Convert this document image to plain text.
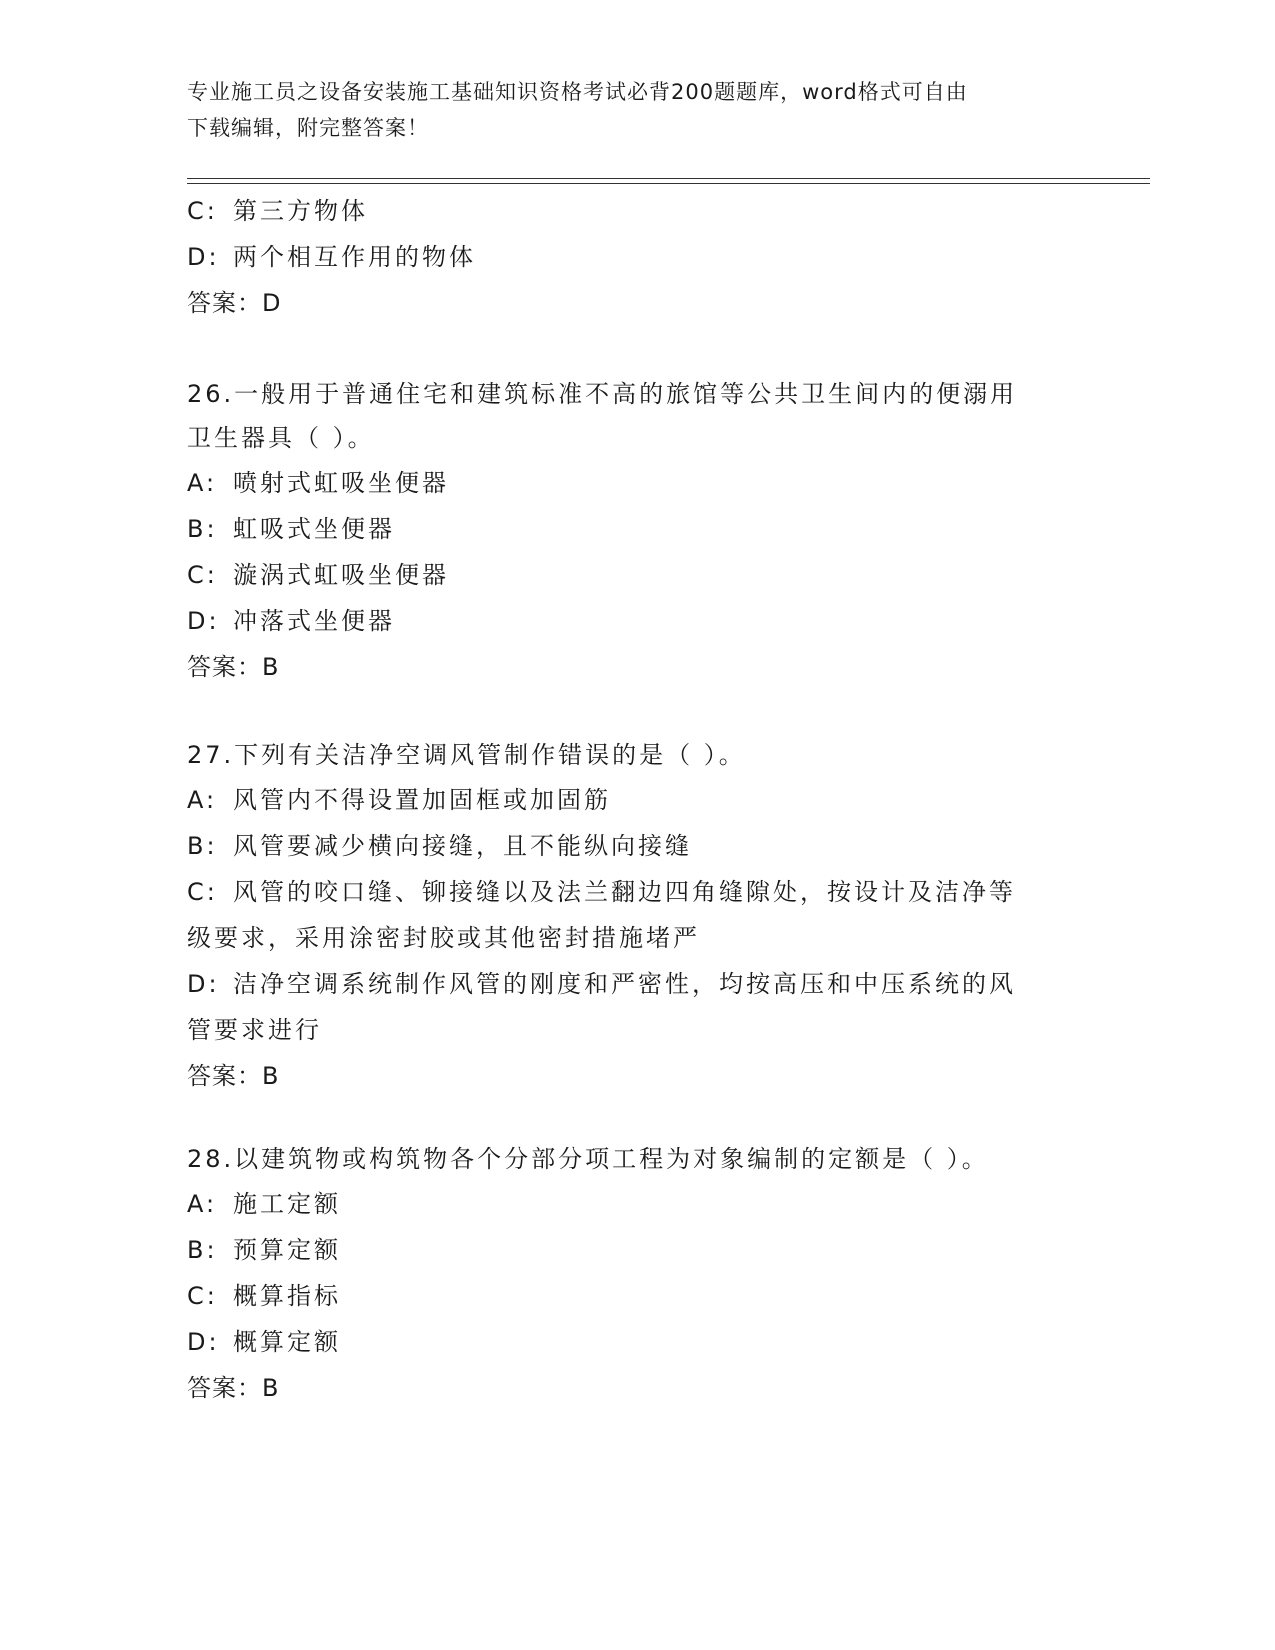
专业施工员之设备安装施工基础知识资格考试必背200题题库，word格式可自由
下载编辑，附完整答案！
C: 第三方物体
D: 两个相互作用的物体
答案：D
26.一般用于普通住宅和建筑标准不高的旅馆等公共卫生间内的便溺用
卫生器具（ ）。
A: 喷射式虹吸坐便器
B: 虹吸式坐便器
C: 漩涡式虹吸坐便器
D: 冲落式坐便器
答案：B
27.下列有关洁净空调风管制作错误的是（ ）。
A: 风管内不得设置加固框或加固筋
B: 风管要减少横向接缝，且不能纵向接缝
C: 风管的咬口缝、铆接缝以及法兰翻边四角缝隙处，按设计及洁净等
级要求，采用涂密封胶或其他密封措施堵严
D: 洁净空调系统制作风管的刚度和严密性，均按高压和中压系统的风
管要求进行
答案：B
28.以建筑物或构筑物各个分部分项工程为对象编制的定额是（ ）。
A: 施工定额
B: 预算定额
C: 概算指标
D: 概算定额
答案：B
